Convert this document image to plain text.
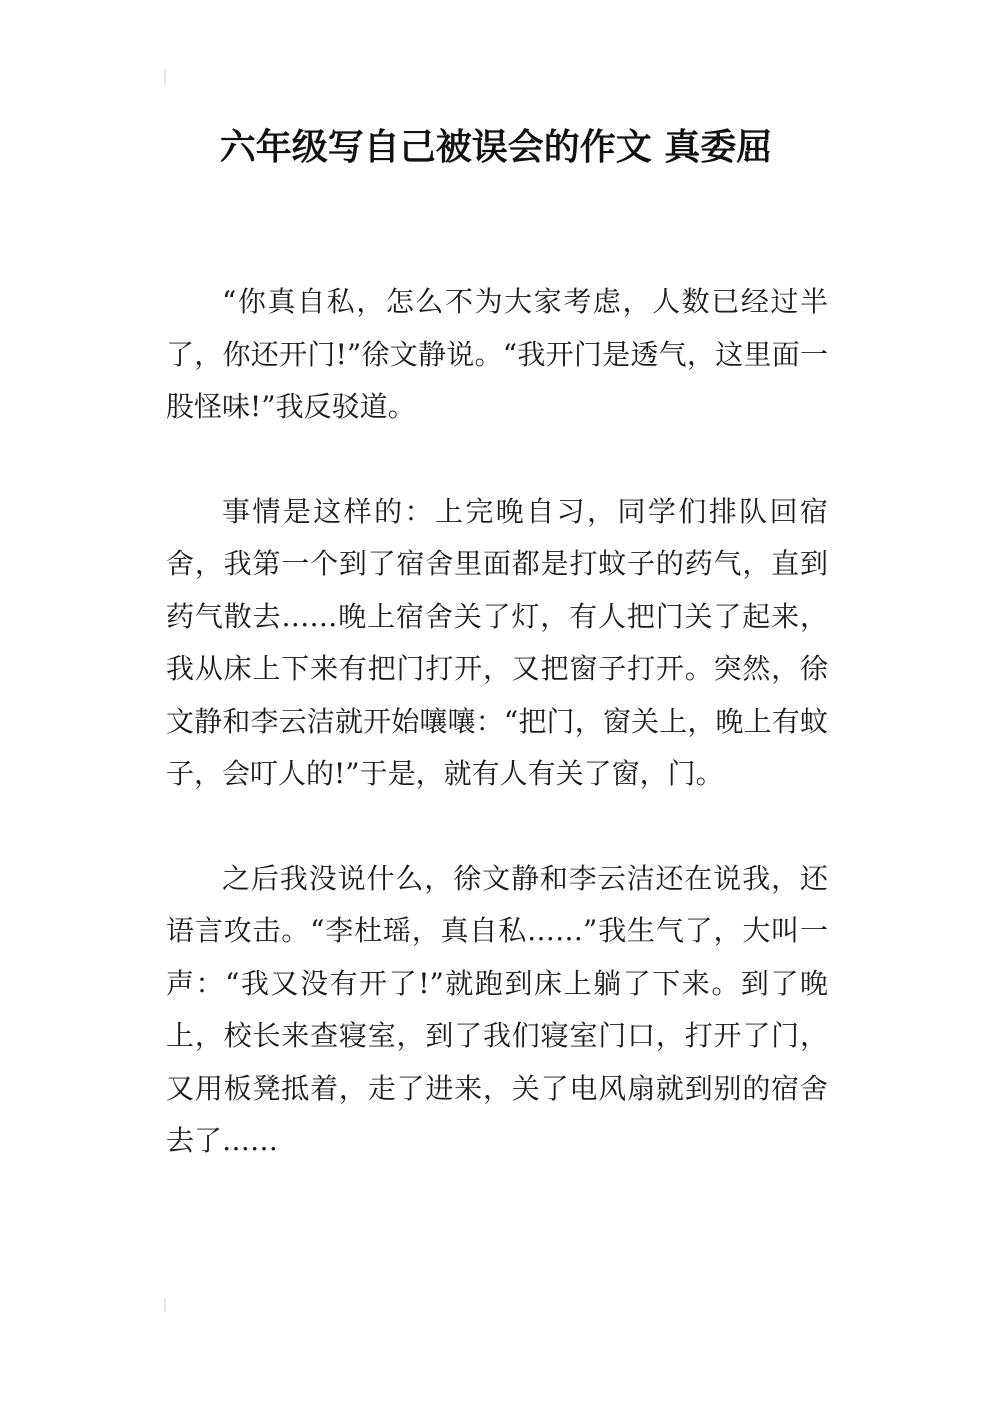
六年级写自己被误会的作文 真委屈

“你真自私，怎么不为大家考虑，人数已经过半了，你还开门!”徐文静说。“我开门是透气，这里面一股怪味!”我反驳道。

事情是这样的：上完晚自习，同学们排队回宿舍，我第一个到了宿舍里面都是打蚊子的药气，直到药气散去……晚上宿舍关了灯，有人把门关了起来，我从床上下来有把门打开，又把窗子打开。突然，徐文静和李云洁就开始嚷嚷：“把门，窗关上，晚上有蚊子，会叮人的!”于是，就有人有关了窗，门。

之后我没说什么，徐文静和李云洁还在说我，还语言攻击。“李杜瑶，真自私……”我生气了，大叫一声：“我又没有开了!”就跑到床上躺了下来。到了晚上，校长来查寝室，到了我们寝室门口，打开了门，又用板凳抵着，走了进来，关了电风扇就到别的宿舍去了……
